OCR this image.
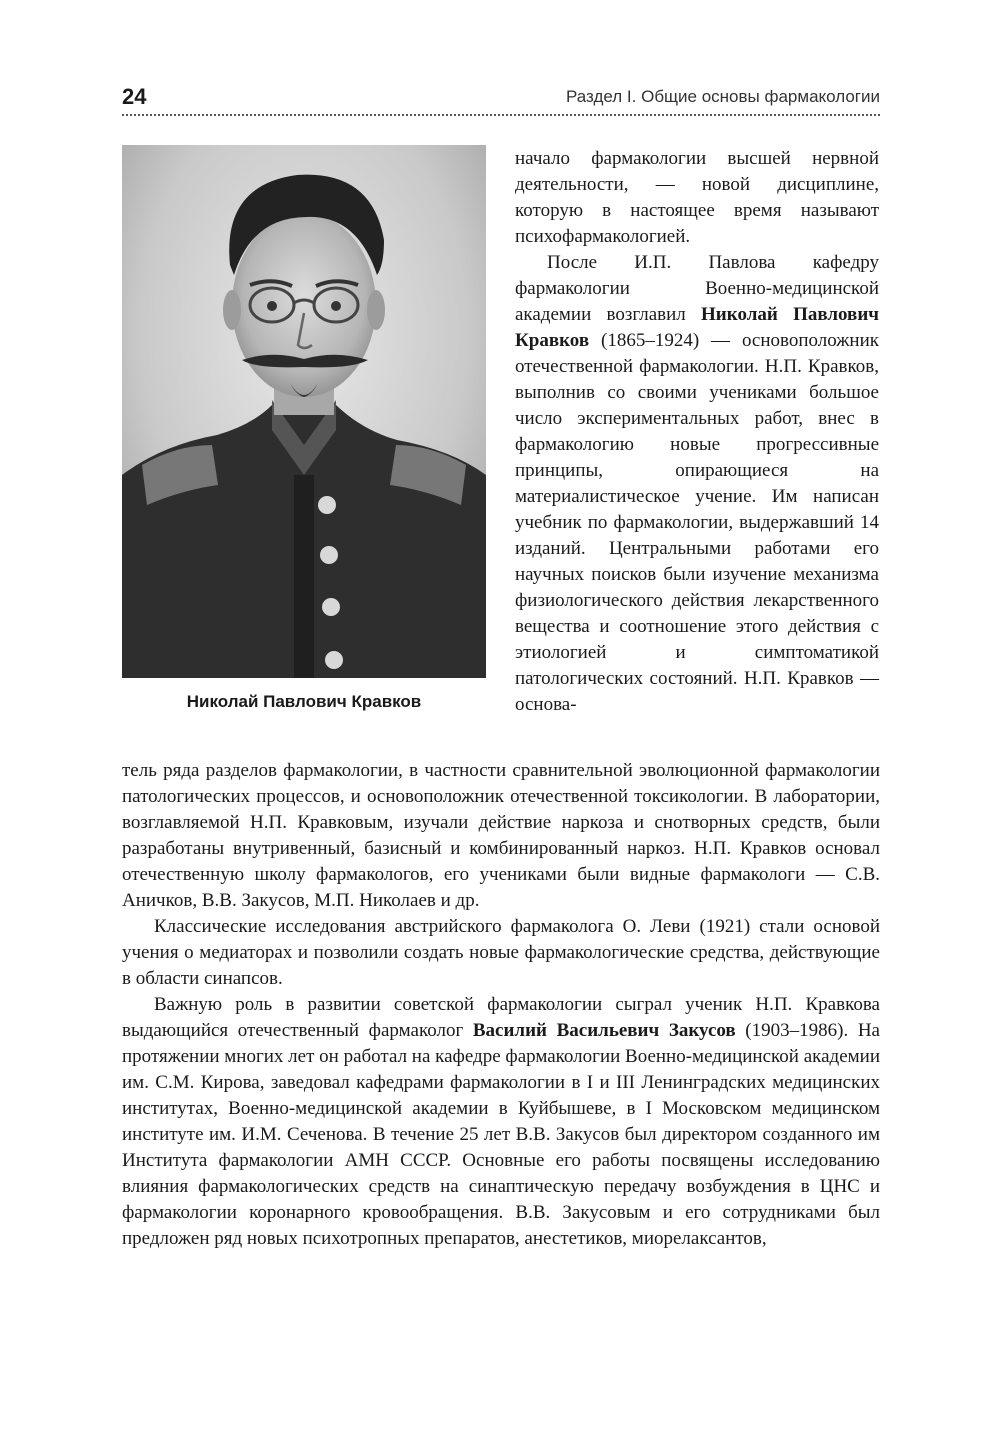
24	Раздел I. Общие основы фармакологии
Николай Павлович Кравков

начало фармакологии высшей нервной деятельности, — новой дисциплине, которую в настоящее время называют психофармакологией.

После И.П. Павлова кафедру фармакологии Военно-медицинской академии возглавил Николай Павлович Кравков (1865–1924) — основоположник отечественной фармакологии. Н.П. Кравков, выполнив со своими учениками большое число экспериментальных работ, внес в фармакологию новые прогрессивные принципы, опирающиеся на материалистическое учение. Им написан учебник по фармакологии, выдержавший 14 изданий. Центральными работами его научных поисков были изучение механизма физиологического действия лекарственного вещества и соотношение этого действия с этиологией и симптоматикой патологических состояний. Н.П. Кравков — основа-

тель ряда разделов фармакологии, в частности сравнительной эволюционной фармакологии патологических процессов, и основоположник отечественной токсикологии. В лаборатории, возглавляемой Н.П. Кравковым, изучали действие наркоза и снотворных средств, были разработаны внутривенный, базисный и комбинированный наркоз. Н.П. Кравков основал отечественную школу фармакологов, его учениками были видные фармакологи — С.В. Аничков, В.В. Закусов, М.П. Николаев и др.

Классические исследования австрийского фармаколога О. Леви (1921) стали основой учения о медиаторах и позволили создать новые фармакологические средства, действующие в области синапсов.

Важную роль в развитии советской фармакологии сыграл ученик Н.П. Кравкова выдающийся отечественный фармаколог Василий Васильевич Закусов (1903–1986). На протяжении многих лет он работал на кафедре фармакологии Военно-медицинской академии им. С.М. Кирова, заведовал кафедрами фармакологии в I и III Ленинградских медицинских институтах, Военно-медицинской академии в Куйбышеве, в I Московском медицинском институте им. И.М. Сеченова. В течение 25 лет В.В. Закусов был директором созданного им Института фармакологии АМН СССР. Основные его работы посвящены исследованию влияния фармакологических средств на синаптическую передачу возбуждения в ЦНС и фармакологии коронарного кровообращения. В.В. Закусовым и его сотрудниками был предложен ряд новых психотропных препаратов, анестетиков, миорелаксантов,
